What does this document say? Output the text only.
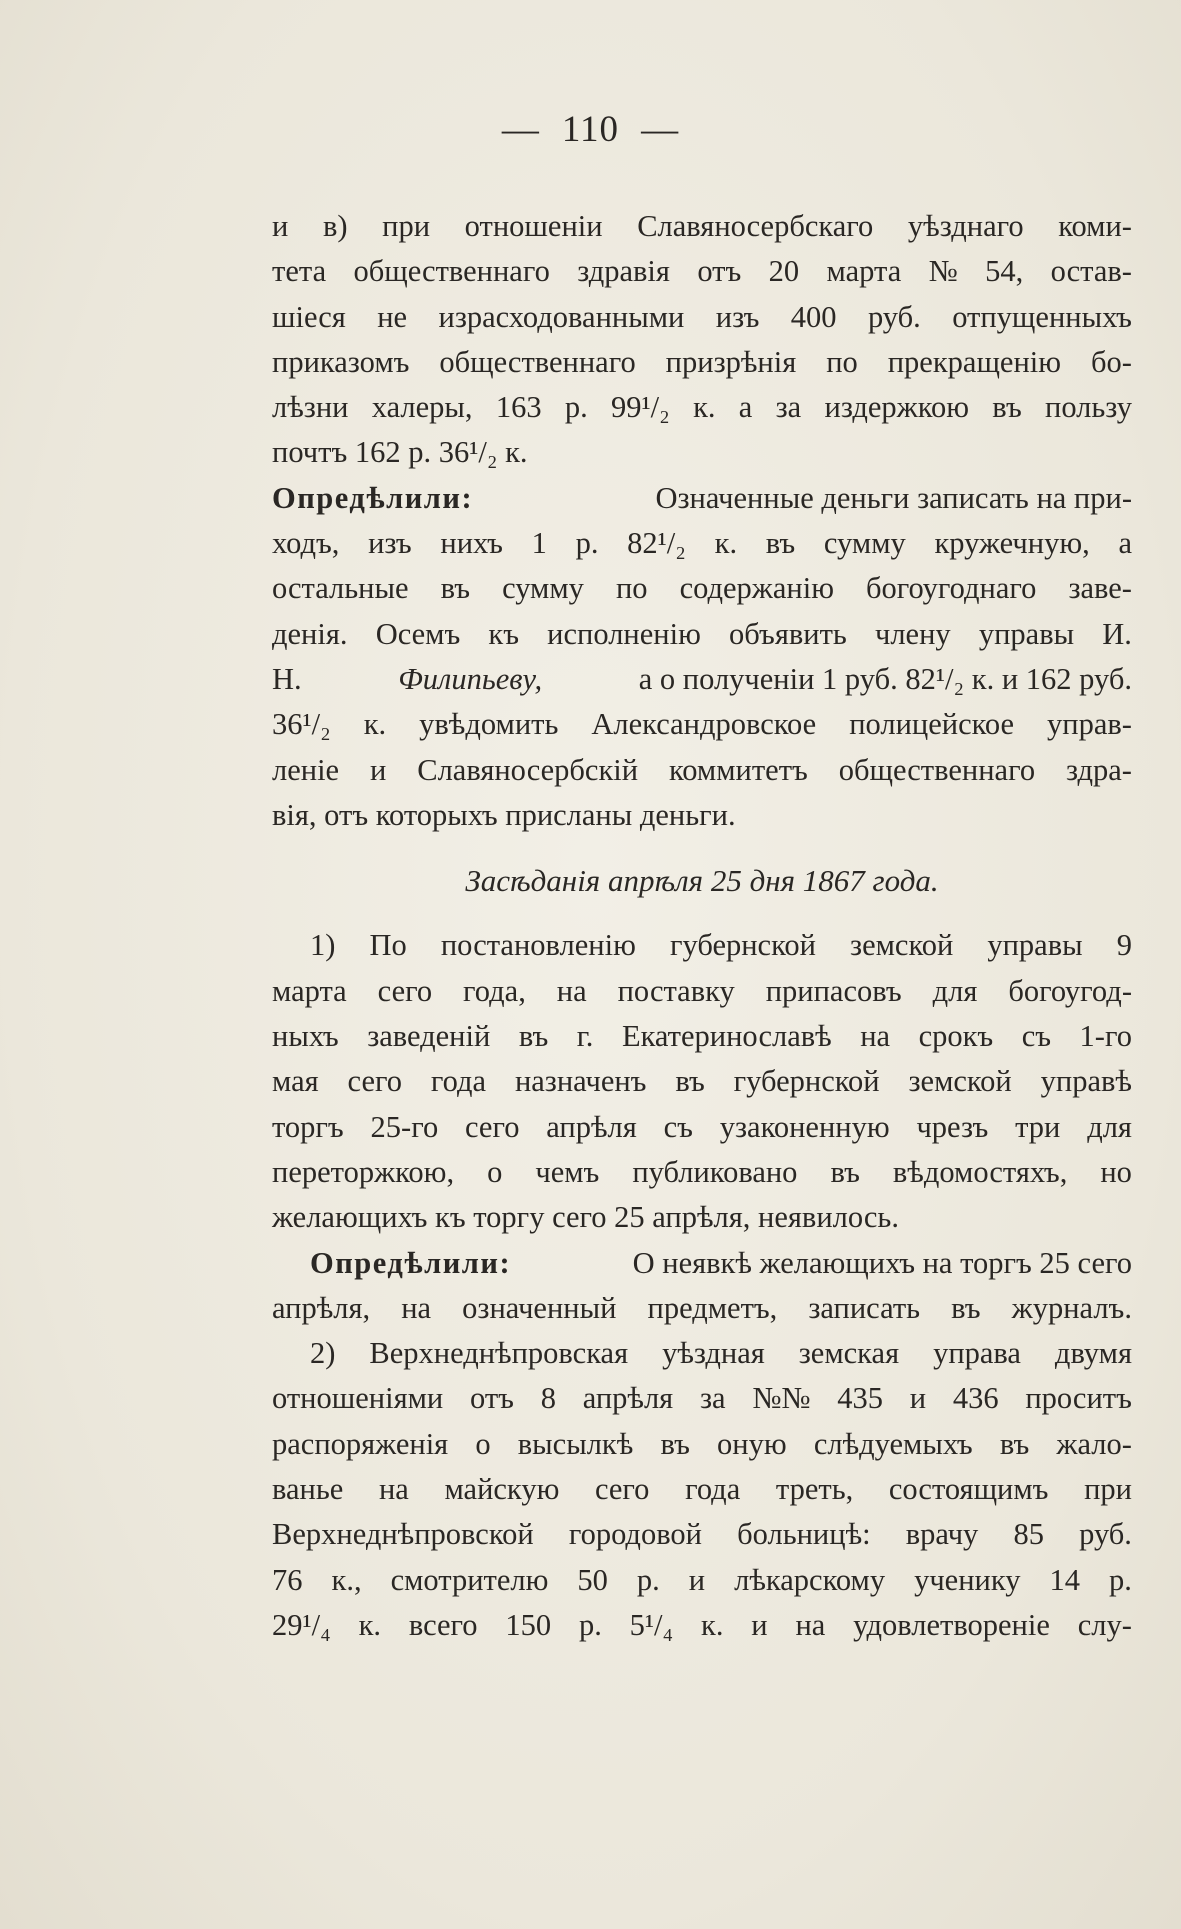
— 110 —
и в) при отношеніи Славяносербскаго уѣзднаго коми-
тета общественнаго здравія отъ 20 марта № 54, остав-
шіеся не израсходованными изъ 400 руб. отпущенныхъ
приказомъ общественнаго призрѣнія по прекращенію бо-
лѣзни халеры, 163 р. 99¹/₂ к. а за издержкою въ пользу
почтъ 162 р. 36¹/₂ к.
Опредѣлили:	Означенные деньги записать на при-
ходъ, изъ нихъ 1 р. 82¹/₂ к. въ сумму кружечную, а
остальные въ сумму по содержанію богоугоднаго заве-
денія. Осемъ къ исполненію объявить члену управы И.
Н.	Филипьеву,	а о полученіи 1 руб. 82¹/₂ к. и 162 руб.
36¹/₂ к. увѣдомить Александровское полицейское управ-
леніе и Славяносербскій коммитетъ общественнаго здра-
вія, отъ которыхъ присланы деньги.
Засѣданія апрѣля 25 дня 1867 года.
1) По постановленію губернской земской управы 9
марта сего года, на поставку припасовъ для богоугод-
ныхъ заведеній въ г. Екатеринославѣ на срокъ съ 1-го
мая сего года назначенъ въ губернской земской управѣ
торгъ 25-го сего апрѣля съ узаконенную чрезъ три для
переторжкою, о чемъ публиковано въ вѣдомостяхъ, но
желающихъ къ торгу сего 25 апрѣля, неявилось.
Опредѣлили:	О неявкѣ желающихъ на торгъ 25 сего
апрѣля, на означенный предметъ, записать въ журналъ.
2) Верхнеднѣпровская уѣздная земская управа двумя
отношеніями отъ 8 апрѣля за №№ 435 и 436 проситъ
распоряженія о высылкѣ въ оную слѣдуемыхъ въ жало-
ванье на майскую сего года треть, состоящимъ при
Верхнеднѣпровской городовой больницѣ: врачу 85 руб.
76 к., смотрителю 50 р. и лѣкарскому ученику 14 р.
29¹/₄ к. всего 150 р. 5¹/₄ к. и на удовлетвореніе слу-
